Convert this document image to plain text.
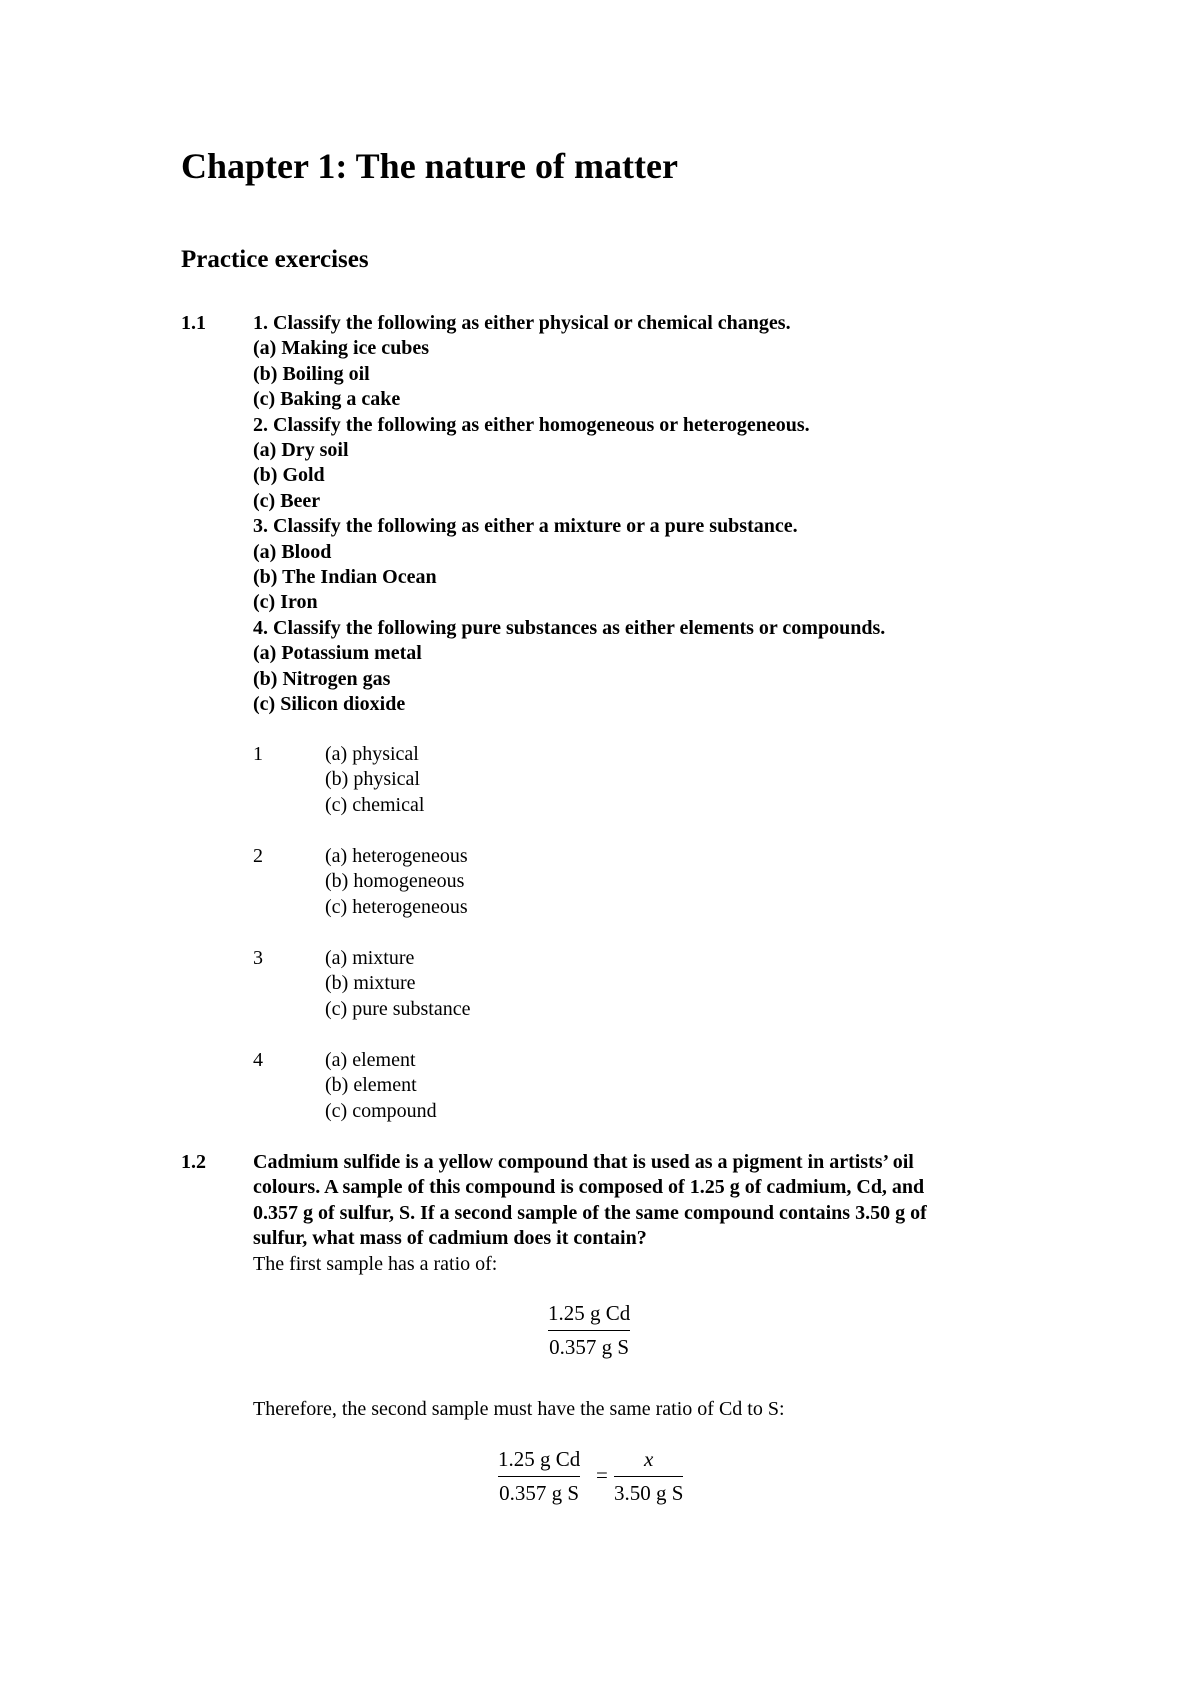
Chapter 1: The nature of matter
Practice exercises
1.1 1. Classify the following as either physical or chemical changes.
(a) Making ice cubes
(b) Boiling oil
(c) Baking a cake
2. Classify the following as either homogeneous or heterogeneous.
(a) Dry soil
(b) Gold
(c) Beer
3. Classify the following as either a mixture or a pure substance.
(a) Blood
(b) The Indian Ocean
(c) Iron
4. Classify the following pure substances as either elements or compounds.
(a) Potassium metal
(b) Nitrogen gas
(c) Silicon dioxide
1	(a) physical
(b) physical
(c) chemical
2	(a) heterogeneous
(b) homogeneous
(c) heterogeneous
3	(a) mixture
(b) mixture
(c) pure substance
4	(a) element
(b) element
(c) compound
1.2 Cadmium sulfide is a yellow compound that is used as a pigment in artists’ oil
colours. A sample of this compound is composed of 1.25 g of cadmium, Cd, and
0.357 g of sulfur, S. If a second sample of the same compound contains 3.50 g of
sulfur, what mass of cadmium does it contain?
The first sample has a ratio of:
1.25 g Cd
0.357 g S
Therefore, the second sample must have the same ratio of Cd to S:
1.25 g Cd
0.357 g S
=
x
3.50 g S
